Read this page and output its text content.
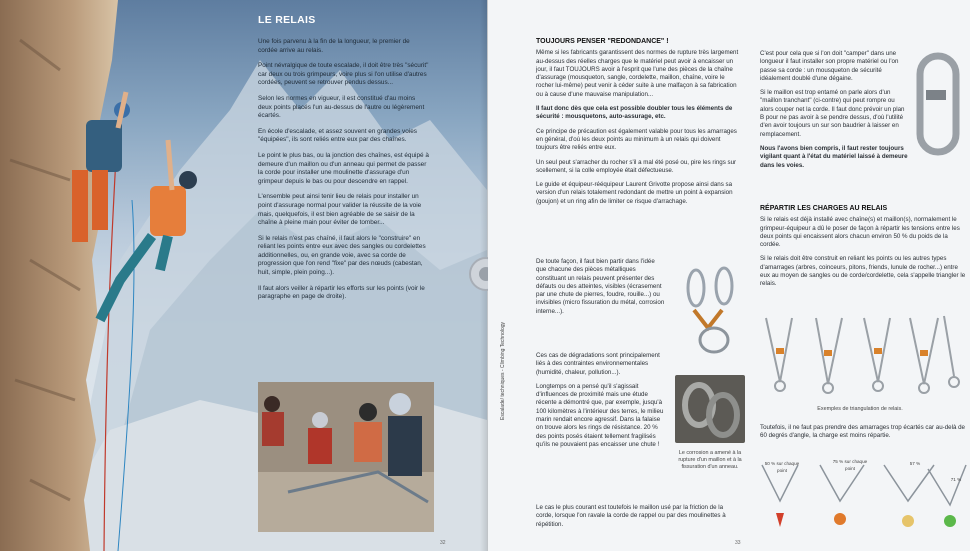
LE RELAIS

Une fois parvenu à la fin de la longueur, le premier de cordée arrive au relais.

Point névralgique de toute escalade, il doit être très "sécurit" car deux ou trois grimpeurs, voire plus si l'on utilise d'autres cordées, peuvent se retrouver pendus dessus...

Selon les normes en vigueur, il est constitué d'au moins deux points placés l'un au-dessus de l'autre ou légèrement écartés.

En école d'escalade, et assez souvent en grandes voies "équipées", ils sont reliés entre eux par des chaînes.

Le point le plus bas, ou la jonction des chaînes, est équipé à demeure d'un maillon ou d'un anneau qui permet de passer la corde pour installer une moulinette d'assurage d'un grimpeur depuis le bas ou pour descendre en rappel.

L'ensemble peut ainsi tenir lieu de relais pour installer un point d'assurage normal pour valider la réussite de la voie mais, quelquefois, il est bien agréable de se saisir de la chaîne à pleine main pour éviter de tomber...

Si le relais n'est pas chaîné, il faut alors le "construire" en reliant les points entre eux avec des sangles ou cordelettes additionnelles, ou, en grande voie, avec sa corde de progression que l'on rend "fixe" par des nœuds (cabestan, huit, simple, plein poing...).

Il faut alors veiller à répartir les efforts sur les points (voir le paragraphe en page de droite).

Escalade/ techniques - Climbing Technology
TOUJOURS PENSER "REDONDANCE" !

Même si les fabricants garantissent des normes de rupture très largement au-dessus des réelles charges que le matériel peut avoir à encaisser un jour, il faut TOUJOURS avoir à l'esprit que l'une des pièces de la chaîne d'assurage (mousqueton, sangle, cordelette, maillon, chaîne, voire le rocher lui-même) peut venir à céder suite à une malfaçon à sa fabrication ou à cause d'une mauvaise manipulation...

Il faut donc dès que cela est possible doubler tous les éléments de sécurité : mousquetons, auto-assurage, etc.

Ce principe de précaution est également valable pour tous les amarrages en général, d'où les deux points au minimum à un relais qui doivent toujours être reliés entre eux.

Un seul peut s'arracher du rocher s'il a mal été posé ou, pire les rings sur scellement, si la colle employée était défectueuse.

Le guide et équipeur-rééquipeur Laurent Grivotte propose ainsi dans sa version d'un relais totalement redondant de mettre un point à expansion (goujon) et un ring afin de limiter ce risque d'arrachage.

De toute façon, il faut bien partir dans l'idée que chacune des pièces métalliques constituant un relais peuvent présenter des défauts ou des atteintes, visibles (écrasement par une chute de pierres, foudre, rouille...) ou invisibles (micro fissuration du métal, corrosion interne...).

Ces cas de dégradations sont principalement liés à des contraintes environnementales (humidité, chaleur, pollution...).

Longtemps on a pensé qu'il s'agissait d'influences de proximité mais une étude récente a démontré que, par exemple, jusqu'à 100 kilomètres à l'intérieur des terres, le milieu marin rendait encore agressif. Dans la falaise on trouve alors les rings de résistance. 20 % des points posés étaient tellement fragilisés qu'ils ne pouvaient pas encaisser une chute !

Le cas le plus courant est toutefois le maillon usé par la friction de la corde, lorsque l'on ravale la corde de rappel ou par des moulinettes à répétition.

Le corrosion a amené à la rupture d'un maillon et à la fissuration d'un anneau.

C'est pour cela que si l'on doit "camper" dans une longueur il faut installer son propre matériel ou l'on passe sa corde : un mousqueton de sécurité idéalement doublé d'une dégaine.

Si le maillon est trop entamé on parle alors d'un "maillon tranchant" (ci-contre) qui peut rompre ou alors couper net la corde. Il faut donc prévoir un plan B pour ne pas avoir à se pendre dessus, d'où l'utilité d'en avoir toujours un sur son baudrier à laisser en remplacement.

Nous l'avons bien compris, il faut rester toujours vigilant quant à l'état du matériel laissé à demeure dans les voies.

RÉPARTIR LES CHARGES AU RELAIS

Si le relais est déjà installé avec chaîne(s) et maillon(s), normalement le grimpeur-équipeur a dû le poser de façon à répartir les tensions entre les deux points qui encaissent alors chacun environ 50 % du poids de la cordée.

Si le relais doit être construit en reliant les points ou les autres types d'amarrages (arbres, coinceurs, pitons, friends, lunule de rocher...) entre eux au moyen de sangles ou de corde/cordelette, cela s'appelle triangler le relais.

Exemples de triangulation de relais.
Toutefois, il ne faut pas prendre des amarrages trop écartés car au-delà de 60 degrés d'angle, la charge est moins répartie.
50 % sur chaque point
75 % sur chaque point
57 %
71 %
32	33
